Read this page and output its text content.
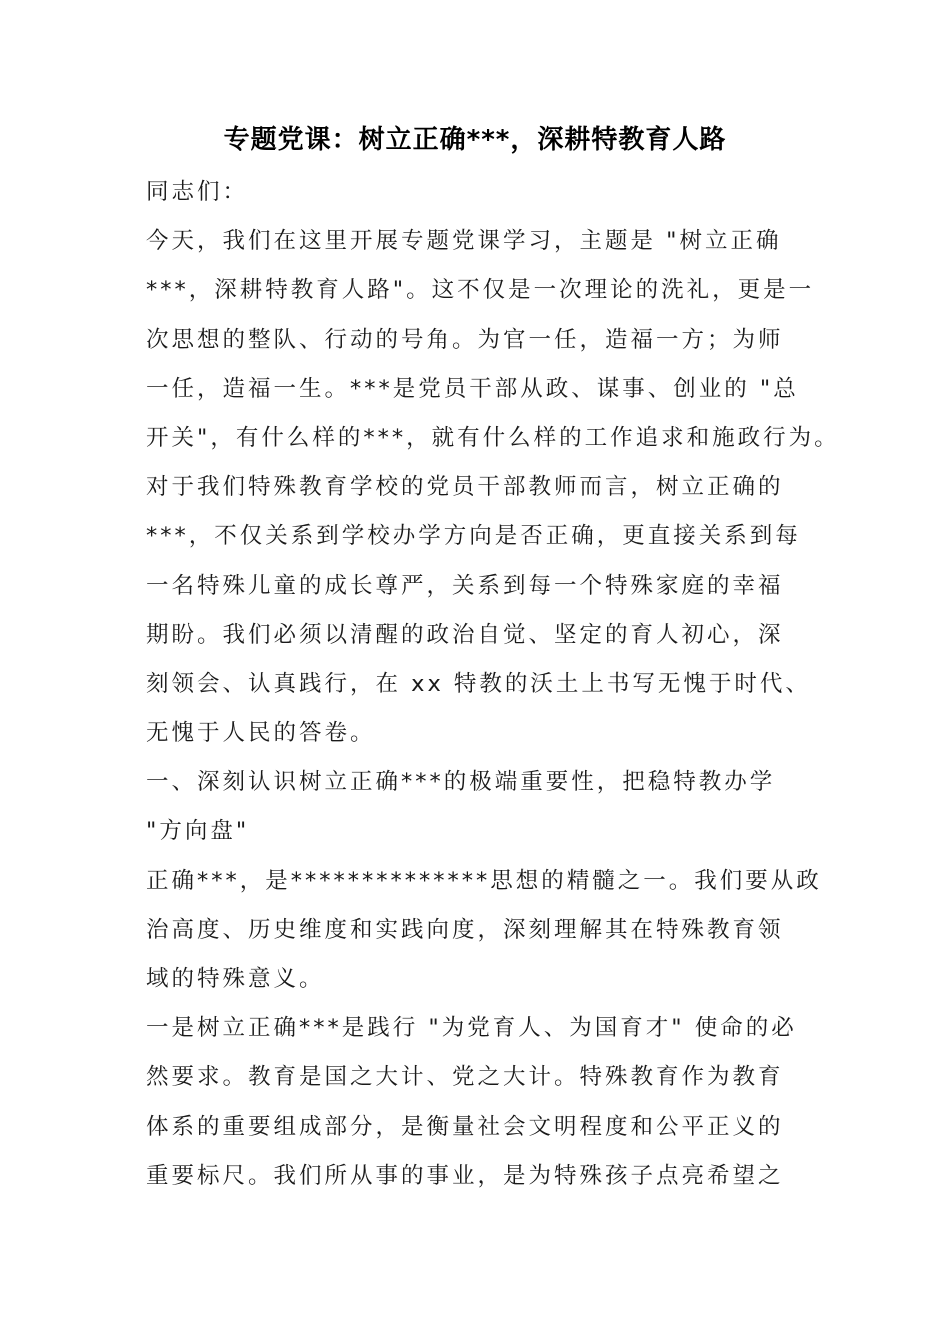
专题党课：树立正确***，深耕特教育人路
同志们：
今天，我们在这里开展专题党课学习，主题是 "树立正确
***，深耕特教育人路"。这不仅是一次理论的洗礼，更是一
次思想的整队、行动的号角。为官一任，造福一方；为师
一任，造福一生。***是党员干部从政、谋事、创业的 "总
开关"，有什么样的***，就有什么样的工作追求和施政行为。
对于我们特殊教育学校的党员干部教师而言，树立正确的
***，不仅关系到学校办学方向是否正确，更直接关系到每
一名特殊儿童的成长尊严，关系到每一个特殊家庭的幸福
期盼。我们必须以清醒的政治自觉、坚定的育人初心，深
刻领会、认真践行，在 xx 特教的沃土上书写无愧于时代、
无愧于人民的答卷。
一、深刻认识树立正确***的极端重要性，把稳特教办学
"方向盘"
正确***，是**************思想的精髓之一。我们要从政
治高度、历史维度和实践向度，深刻理解其在特殊教育领
域的特殊意义。
一是树立正确***是践行 "为党育人、为国育才" 使命的必
然要求。教育是国之大计、党之大计。特殊教育作为教育
体系的重要组成部分，是衡量社会文明程度和公平正义的
重要标尺。我们所从事的事业，是为特殊孩子点亮希望之
